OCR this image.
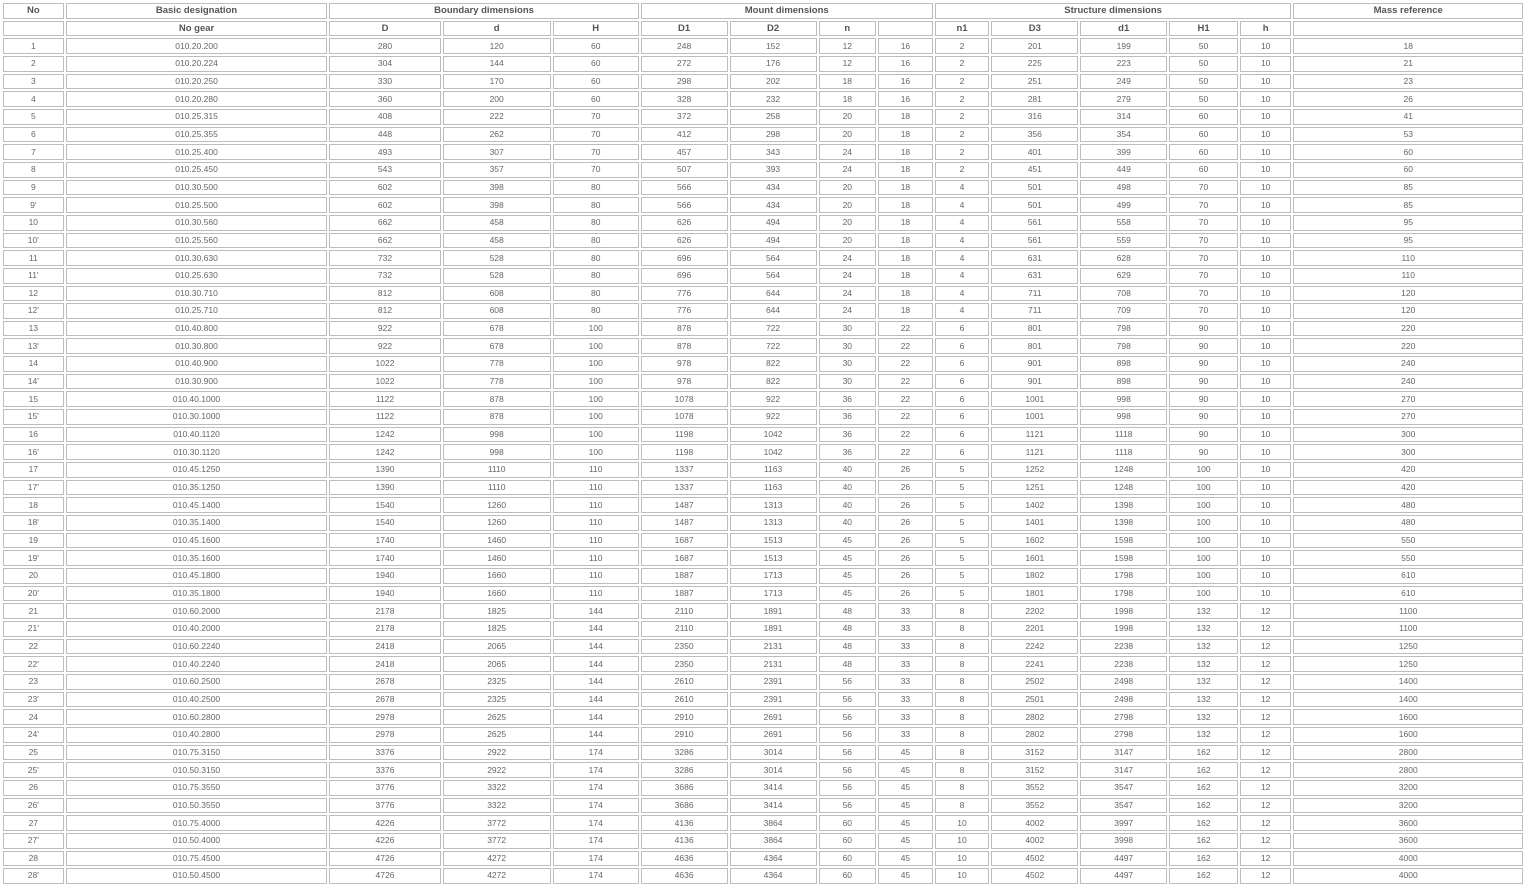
No	Basic designation	Boundary dimensions			Mount dimensions				Structure dimensions					Mass reference
	No gear	D	d	H	D1	D2	n		n1	D3	d1	H1	h	
1	010.20.200	280	120	60	248	152	12	16	2	201	199	50	10	18
2	010.20.224	304	144	60	272	176	12	16	2	225	223	50	10	21
3	010.20.250	330	170	60	298	202	18	16	2	251	249	50	10	23
4	010.20.280	360	200	60	328	232	18	16	2	281	279	50	10	26
5	010.25.315	408	222	70	372	258	20	18	2	316	314	60	10	41
6	010.25.355	448	262	70	412	298	20	18	2	356	354	60	10	53
7	010.25.400	493	307	70	457	343	24	18	2	401	399	60	10	60
8	010.25.450	543	357	70	507	393	24	18	2	451	449	60	10	60
9	010.30.500	602	398	80	566	434	20	18	4	501	498	70	10	85
9'	010.25.500	602	398	80	566	434	20	18	4	501	499	70	10	85
10	010.30.560	662	458	80	626	494	20	18	4	561	558	70	10	95
10'	010.25.560	662	458	80	626	494	20	18	4	561	559	70	10	95
11	010.30.630	732	528	80	696	564	24	18	4	631	628	70	10	110
11'	010.25.630	732	528	80	696	564	24	18	4	631	629	70	10	110
12	010.30.710	812	608	80	776	644	24	18	4	711	708	70	10	120
12'	010.25.710	812	608	80	776	644	24	18	4	711	709	70	10	120
13	010.40.800	922	678	100	878	722	30	22	6	801	798	90	10	220
13'	010.30.800	922	678	100	878	722	30	22	6	801	798	90	10	220
14	010.40.900	1022	778	100	978	822	30	22	6	901	898	90	10	240
14'	010.30.900	1022	778	100	978	822	30	22	6	901	898	90	10	240
15	010.40.1000	1122	878	100	1078	922	36	22	6	1001	998	90	10	270
15'	010.30.1000	1122	878	100	1078	922	36	22	6	1001	998	90	10	270
16	010.40.1120	1242	998	100	1198	1042	36	22	6	1121	1118	90	10	300
16'	010.30.1120	1242	998	100	1198	1042	36	22	6	1121	1118	90	10	300
17	010.45.1250	1390	1110	110	1337	1163	40	26	5	1252	1248	100	10	420
17'	010.35.1250	1390	1110	110	1337	1163	40	26	5	1251	1248	100	10	420
18	010.45.1400	1540	1260	110	1487	1313	40	26	5	1402	1398	100	10	480
18'	010.35.1400	1540	1260	110	1487	1313	40	26	5	1401	1398	100	10	480
19	010.45.1600	1740	1460	110	1687	1513	45	26	5	1602	1598	100	10	550
19'	010.35.1600	1740	1460	110	1687	1513	45	26	5	1601	1598	100	10	550
20	010.45.1800	1940	1660	110	1887	1713	45	26	5	1802	1798	100	10	610
20'	010.35.1800	1940	1660	110	1887	1713	45	26	5	1801	1798	100	10	610
21	010.60.2000	2178	1825	144	2110	1891	48	33	8	2202	1998	132	12	1100
21'	010.40.2000	2178	1825	144	2110	1891	48	33	8	2201	1998	132	12	1100
22	010.60.2240	2418	2065	144	2350	2131	48	33	8	2242	2238	132	12	1250
22'	010.40.2240	2418	2065	144	2350	2131	48	33	8	2241	2238	132	12	1250
23	010.60.2500	2678	2325	144	2610	2391	56	33	8	2502	2498	132	12	1400
23'	010.40.2500	2678	2325	144	2610	2391	56	33	8	2501	2498	132	12	1400
24	010.60.2800	2978	2625	144	2910	2691	56	33	8	2802	2798	132	12	1600
24'	010.40.2800	2978	2625	144	2910	2691	56	33	8	2802	2798	132	12	1600
25	010.75.3150	3376	2922	174	3286	3014	56	45	8	3152	3147	162	12	2800
25'	010.50.3150	3376	2922	174	3286	3014	56	45	8	3152	3147	162	12	2800
26	010.75.3550	3776	3322	174	3686	3414	56	45	8	3552	3547	162	12	3200
26'	010.50.3550	3776	3322	174	3686	3414	56	45	8	3552	3547	162	12	3200
27	010.75.4000	4226	3772	174	4136	3864	60	45	10	4002	3997	162	12	3600
27'	010.50.4000	4226	3772	174	4136	3864	60	45	10	4002	3998	162	12	3600
28	010.75.4500	4726	4272	174	4636	4364	60	45	10	4502	4497	162	12	4000
28'	010.50.4500	4726	4272	174	4636	4364	60	45	10	4502	4497	162	12	4000
